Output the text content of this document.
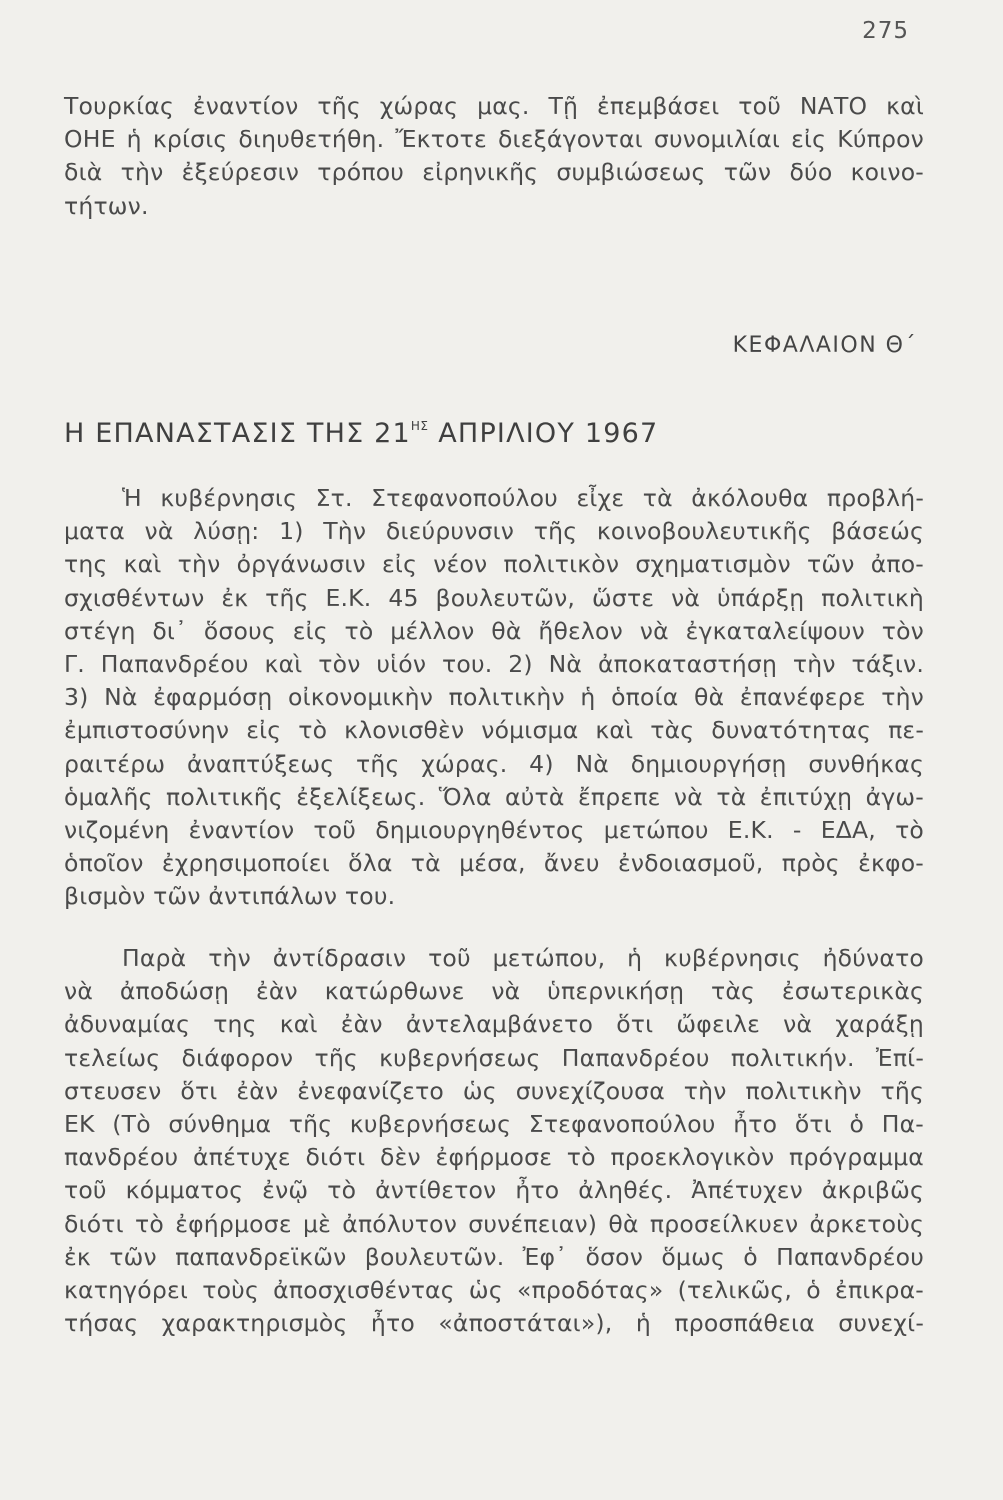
275
Τουρκίας ἐναντίον τῆς χώρας μας. Τῇ ἐπεμβάσει τοῦ ΝΑΤΟ καὶ
ΟΗΕ ἡ κρίσις διηυθετήθη. Ἔκτοτε διεξάγονται συνομιλίαι εἰς Κύπρον
διὰ τὴν ἐξεύρεσιν τρόπου εἰρηνικῆς συμβιώσεως τῶν δύο κοινο-
τήτων.
ΚΕΦΑΛΑΙΟΝ Θ΄
Η ΕΠΑΝΑΣΤΑΣΙΣ ΤΗΣ $21^{H\Sigma}$ ΑΠΡΙΛΙΟΥ 1967
Ἡ κυβέρνησις Στ. Στεφανοπούλου εἶχε τὰ ἀκόλουθα προβλή-
ματα νὰ λύσῃ: 1) Τὴν διεύρυνσιν τῆς κοινοβουλευτικῆς βάσεώς
της καὶ τὴν ὀργάνωσιν εἰς νέον πολιτικὸν σχηματισμὸν τῶν ἀπο-
σχισθέντων ἐκ τῆς Ε.Κ. 45 βουλευτῶν, ὥστε νὰ ὑπάρξῃ πολιτικὴ
στέγη δι᾽ ὅσους εἰς τὸ μέλλον θὰ ἤθελον νὰ ἐγκαταλείψουν τὸν
Γ. Παπανδρέου καὶ τὸν υἱόν του. 2) Νὰ ἀποκαταστήσῃ τὴν τάξιν.
3) Νὰ ἐφαρμόσῃ οἰκονομικὴν πολιτικὴν ἡ ὁποία θὰ ἐπανέφερε τὴν
ἐμπιστοσύνην εἰς τὸ κλονισθὲν νόμισμα καὶ τὰς δυνατότητας πε-
ραιτέρω ἀναπτύξεως τῆς χώρας. 4) Νὰ δημιουργήσῃ συνθήκας
ὁμαλῆς πολιτικῆς ἐξελίξεως. Ὅλα αὐτὰ ἔπρεπε νὰ τὰ ἐπιτύχῃ ἀγω-
νιζομένη ἐναντίον τοῦ δημιουργηθέντος μετώπου Ε.Κ. - ΕΔΑ, τὸ
ὁποῖον ἐχρησιμοποίει ὅλα τὰ μέσα, ἄνευ ἐνδοιασμοῦ, πρὸς ἐκφο-
βισμὸν τῶν ἀντιπάλων του.
Παρὰ τὴν ἀντίδρασιν τοῦ μετώπου, ἡ κυβέρνησις ἠδύνατο
νὰ ἀποδώσῃ ἐὰν κατώρθωνε νὰ ὑπερνικήσῃ τὰς ἐσωτερικὰς
ἀδυναμίας της καὶ ἐὰν ἀντελαμβάνετο ὅτι ὤφειλε νὰ χαράξῃ
τελείως διάφορον τῆς κυβερνήσεως Παπανδρέου πολιτικήν. Ἐπί-
στευσεν ὅτι ἐὰν ἐνεφανίζετο ὡς συνεχίζουσα τὴν πολιτικὴν τῆς
ΕΚ (Τὸ σύνθημα τῆς κυβερνήσεως Στεφανοπούλου ἦτο ὅτι ὁ Πα-
πανδρέου ἀπέτυχε διότι δὲν ἐφήρμοσε τὸ προεκλογικὸν πρόγραμμα
τοῦ κόμματος ἐνῷ τὸ ἀντίθετον ἦτο ἀληθές. Ἀπέτυχεν ἀκριβῶς
διότι τὸ ἐφήρμοσε μὲ ἀπόλυτον συνέπειαν) θὰ προσείλκυεν ἀρκετοὺς
ἐκ τῶν παπανδρεϊκῶν βουλευτῶν. Ἐφ᾽ ὅσον ὅμως ὁ Παπανδρέου
κατηγόρει τοὺς ἀποσχισθέντας ὡς «προδότας» (τελικῶς, ὁ ἐπικρα-
τήσας χαρακτηρισμὸς ἦτο «ἀποστάται»), ἡ προσπάθεια συνεχί-
